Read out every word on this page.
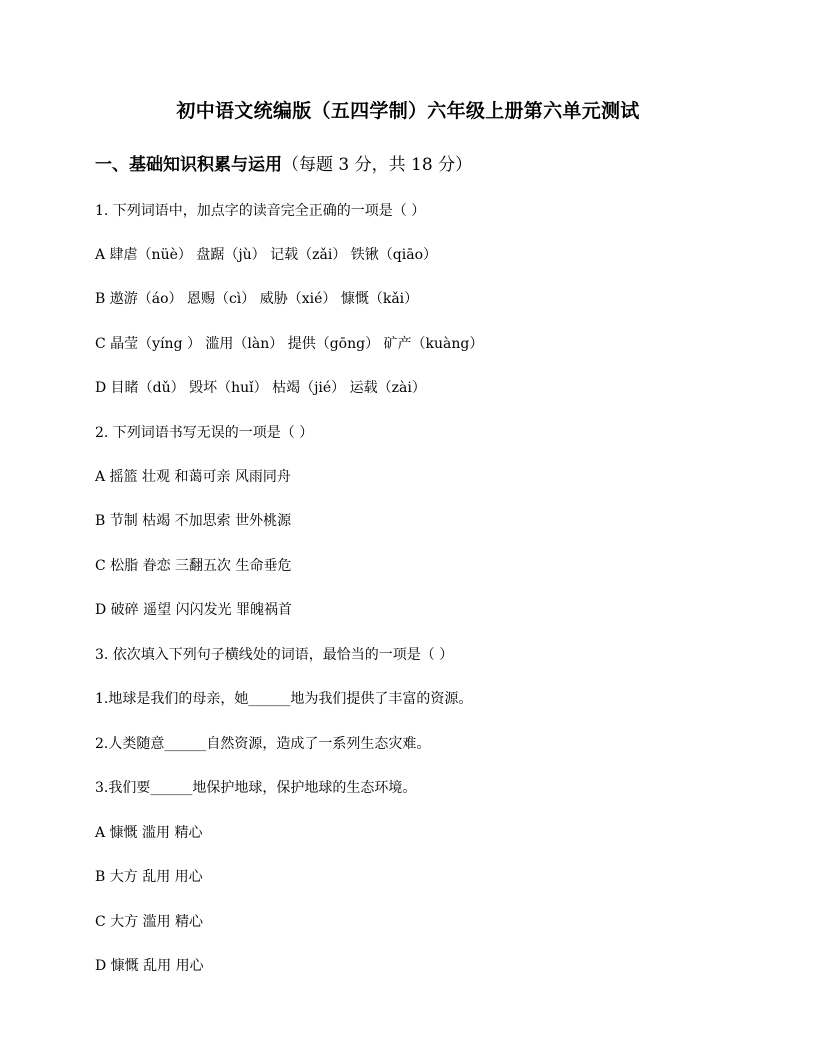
初中语文统编版（五四学制）六年级上册第六单元测试
一、基础知识积累与运用（每题 3 分，共 18 分）
1. 下列词语中，加点字的读音完全正确的一项是（ ）
A 肆虐（nüè） 盘踞（jù） 记载（zǎi） 铁锹（qiāo）
B 遨游（áo） 恩赐（cì） 威胁（xié） 慷慨（kǎi）
C 晶莹（yíng ） 滥用（làn） 提供（gōng） 矿产（kuàng）
D 目睹（dǔ） 毁坏（huǐ） 枯竭（jié） 运载（zài）
2. 下列词语书写无误的一项是（ ）
A 摇篮 壮观 和蔼可亲 风雨同舟
B 节制 枯竭 不加思索 世外桃源
C 松脂 眷恋 三翻五次 生命垂危
D 破碎 遥望 闪闪发光 罪魄祸首
3. 依次填入下列句子横线处的词语，最恰当的一项是（ ）
1.地球是我们的母亲，她______地为我们提供了丰富的资源。
2.人类随意______自然资源，造成了一系列生态灾难。
3.我们要______地保护地球，保护地球的生态环境。
A 慷慨 滥用 精心
B 大方 乱用 用心
C 大方 滥用 精心
D 慷慨 乱用 用心
